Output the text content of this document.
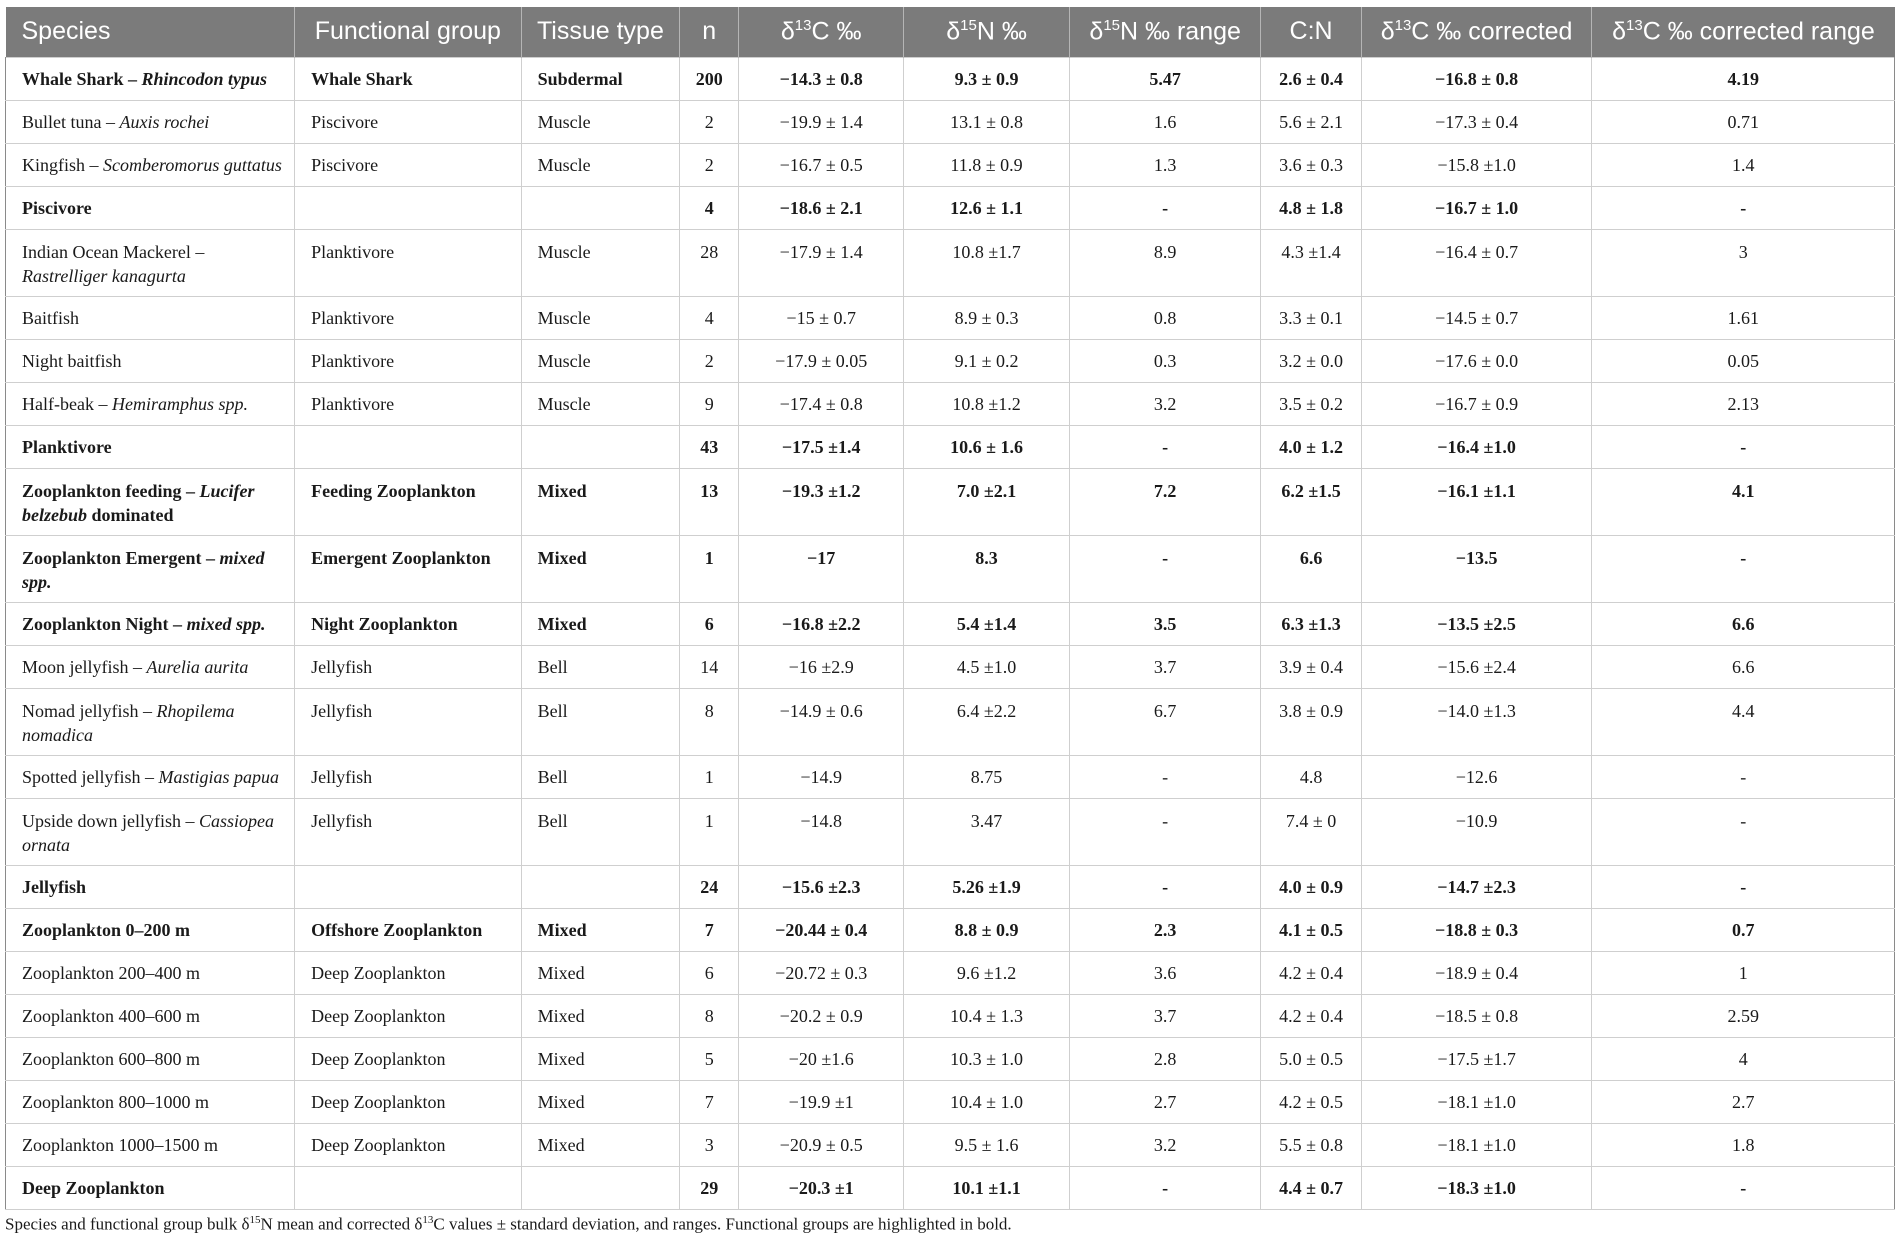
Species	Functional group	Tissue type	n	$\delta^{13}C$ ‰	$\delta^{15}N$ ‰	$\delta^{15}N$ ‰ range	C:N	$\delta^{13}C$ ‰ corrected	$\delta^{13}C$ ‰ corrected range
Whale Shark – Rhincodon typus	Whale Shark	Subdermal	200	−14.3 ± 0.8	9.3 ± 0.9	5.47	2.6 ± 0.4	−16.8 ± 0.8	4.19
Bullet tuna – Auxis rochei	Piscivore	Muscle	2	−19.9 ± 1.4	13.1 ± 0.8	1.6	5.6 ± 2.1	−17.3 ± 0.4	0.71
Kingfish – Scomberomorus guttatus	Piscivore	Muscle	2	−16.7 ± 0.5	11.8 ± 0.9	1.3	3.6 ± 0.3	−15.8 ±1.0	1.4
Piscivore			4	−18.6 ± 2.1	12.6 ± 1.1	-	4.8 ± 1.8	−16.7 ± 1.0	-
Indian Ocean Mackerel – Rastrelliger kanagurta	Planktivore	Muscle	28	−17.9 ± 1.4	10.8 ±1.7	8.9	4.3 ±1.4	−16.4 ± 0.7	3
Baitfish	Planktivore	Muscle	4	−15 ± 0.7	8.9 ± 0.3	0.8	3.3 ± 0.1	−14.5 ± 0.7	1.61
Night baitfish	Planktivore	Muscle	2	−17.9 ± 0.05	9.1 ± 0.2	0.3	3.2 ± 0.0	−17.6 ± 0.0	0.05
Half-beak – Hemiramphus spp.	Planktivore	Muscle	9	−17.4 ± 0.8	10.8 ±1.2	3.2	3.5 ± 0.2	−16.7 ± 0.9	2.13
Planktivore			43	−17.5 ±1.4	10.6 ± 1.6	-	4.0 ± 1.2	−16.4 ±1.0	-
Zooplankton feeding – Lucifer belzebub dominated	Feeding Zooplankton	Mixed	13	−19.3 ±1.2	7.0 ±2.1	7.2	6.2 ±1.5	−16.1 ±1.1	4.1
Zooplankton Emergent – mixed spp.	Emergent Zooplankton	Mixed	1	−17	8.3	-	6.6	−13.5	-
Zooplankton Night – mixed spp.	Night Zooplankton	Mixed	6	−16.8 ±2.2	5.4 ±1.4	3.5	6.3 ±1.3	−13.5 ±2.5	6.6
Moon jellyfish – Aurelia aurita	Jellyfish	Bell	14	−16 ±2.9	4.5 ±1.0	3.7	3.9 ± 0.4	−15.6 ±2.4	6.6
Nomad jellyfish – Rhopilema nomadica	Jellyfish	Bell	8	−14.9 ± 0.6	6.4 ±2.2	6.7	3.8 ± 0.9	−14.0 ±1.3	4.4
Spotted jellyfish – Mastigias papua	Jellyfish	Bell	1	−14.9	8.75	-	4.8	−12.6	-
Upside down jellyfish – Cassiopea ornata	Jellyfish	Bell	1	−14.8	3.47	-	7.4 ± 0	−10.9	-
Jellyfish			24	−15.6 ±2.3	5.26 ±1.9	-	4.0 ± 0.9	−14.7 ±2.3	-
Zooplankton 0–200 m	Offshore Zooplankton	Mixed	7	−20.44 ± 0.4	8.8 ± 0.9	2.3	4.1 ± 0.5	−18.8 ± 0.3	0.7
Zooplankton 200–400 m	Deep Zooplankton	Mixed	6	−20.72 ± 0.3	9.6 ±1.2	3.6	4.2 ± 0.4	−18.9 ± 0.4	1
Zooplankton 400–600 m	Deep Zooplankton	Mixed	8	−20.2 ± 0.9	10.4 ± 1.3	3.7	4.2 ± 0.4	−18.5 ± 0.8	2.59
Zooplankton 600–800 m	Deep Zooplankton	Mixed	5	−20 ±1.6	10.3 ± 1.0	2.8	5.0 ± 0.5	−17.5 ±1.7	4
Zooplankton 800–1000 m	Deep Zooplankton	Mixed	7	−19.9 ±1	10.4 ± 1.0	2.7	4.2 ± 0.5	−18.1 ±1.0	2.7
Zooplankton 1000–1500 m	Deep Zooplankton	Mixed	3	−20.9 ± 0.5	9.5 ± 1.6	3.2	5.5 ± 0.8	−18.1 ±1.0	1.8
Deep Zooplankton			29	−20.3 ±1	10.1 ±1.1	-	4.4 ± 0.7	−18.3 ±1.0	-
Species and functional group bulk $\delta^{15}N$ mean and corrected $\delta^{13}C$ values ± standard deviation, and ranges. Functional groups are highlighted in bold.
